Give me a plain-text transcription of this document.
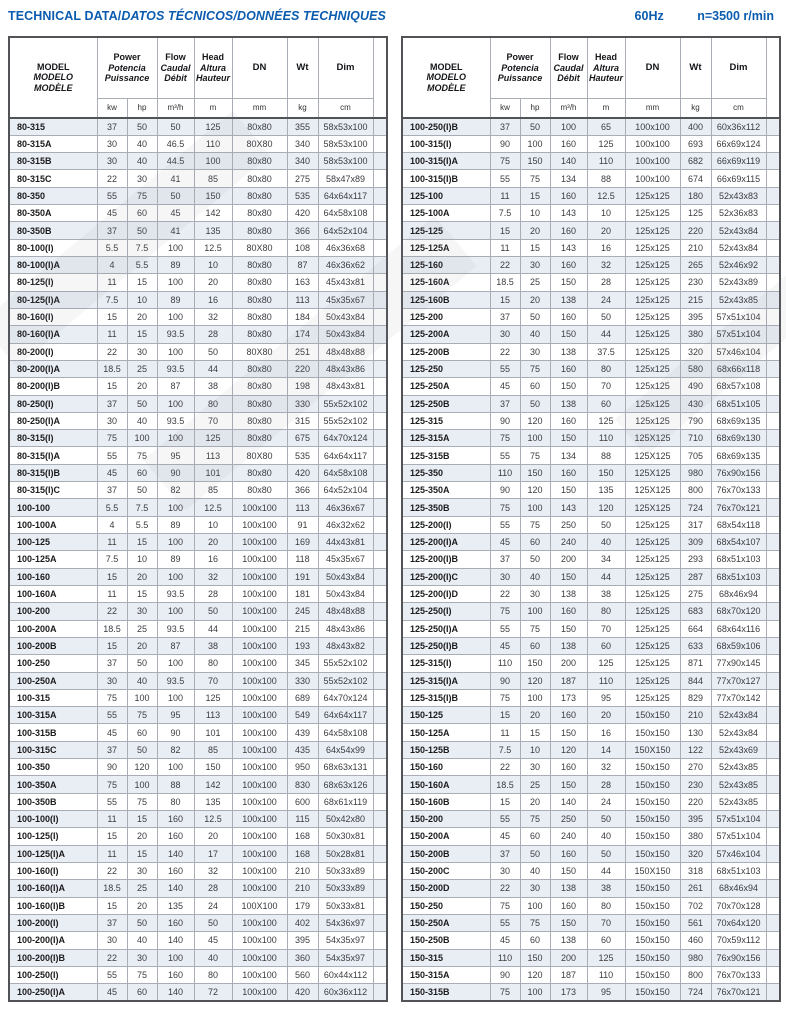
TECHNICAL DATA/DATOS TÉCNICOS/DONNÉES TECHNIQUES	60Hz	n=3500 r/min
MODEL
MODELO
MODÈLE

Power
Potencia
Puissance

Flow
Caudal
Débit

Head
Altura
Hauteur
	DN	Wt	Dim	
	kw	hp	m³/h	m	mm	kg	cm	
80-315	37	50	50	125	80x80	355	58x53x100	
80-315A	30	40	46.5	110	80X80	340	58x53x100	
80-315B	30	40	44.5	100	80x80	340	58x53x100	
80-315C	22	30	41	85	80x80	275	58x47x89	
80-350	55	75	50	150	80x80	535	64x64x117	
80-350A	45	60	45	142	80x80	420	64x58x108	
80-350B	37	50	41	135	80x80	366	64x52x104	
80-100(I)	5.5	7.5	100	12.5	80X80	108	46x36x68	
80-100(I)A	4	5.5	89	10	80x80	87	46x36x62	
80-125(I)	11	15	100	20	80x80	163	45x43x81	
80-125(I)A	7.5	10	89	16	80x80	113	45x35x67	
80-160(I)	15	20	100	32	80x80	184	50x43x84	
80-160(I)A	11	15	93.5	28	80x80	174	50x43x84	
80-200(I)	22	30	100	50	80X80	251	48x48x88	
80-200(I)A	18.5	25	93.5	44	80x80	220	48x43x86	
80-200(I)B	15	20	87	38	80x80	198	48x43x81	
80-250(I)	37	50	100	80	80x80	330	55x52x102	
80-250(I)A	30	40	93.5	70	80x80	315	55x52x102	
80-315(I)	75	100	100	125	80x80	675	64x70x124	
80-315(I)A	55	75	95	113	80X80	535	64x64x117	
80-315(I)B	45	60	90	101	80x80	420	64x58x108	
80-315(I)C	37	50	82	85	80x80	366	64x52x104	
100-100	5.5	7.5	100	12.5	100x100	113	46x36x67	
100-100A	4	5.5	89	10	100x100	91	46x32x62	
100-125	11	15	100	20	100x100	169	44x43x81	
100-125A	7.5	10	89	16	100x100	118	45x35x67	
100-160	15	20	100	32	100x100	191	50x43x84	
100-160A	11	15	93.5	28	100x100	181	50x43x84	
100-200	22	30	100	50	100x100	245	48x48x88	
100-200A	18.5	25	93.5	44	100x100	215	48x43x86	
100-200B	15	20	87	38	100x100	193	48x43x82	
100-250	37	50	100	80	100x100	345	55x52x102	
100-250A	30	40	93.5	70	100x100	330	55x52x102	
100-315	75	100	100	125	100x100	689	64x70x124	
100-315A	55	75	95	113	100x100	549	64x64x117	
100-315B	45	60	90	101	100x100	439	64x58x108	
100-315C	37	50	82	85	100x100	435	64x54x99	
100-350	90	120	100	150	100x100	950	68x63x131	
100-350A	75	100	88	142	100x100	830	68x63x126	
100-350B	55	75	80	135	100x100	600	68x61x119	
100-100(I)	11	15	160	12.5	100x100	115	50x42x80	
100-125(I)	15	20	160	20	100x100	168	50x30x81	
100-125(I)A	11	15	140	17	100x100	168	50x28x81	
100-160(I)	22	30	160	32	100x100	210	50x33x89	
100-160(I)A	18.5	25	140	28	100x100	210	50x33x89	
100-160(I)B	15	20	135	24	100X100	179	50x33x81	
100-200(I)	37	50	160	50	100x100	402	54x36x97	
100-200(I)A	30	40	140	45	100x100	395	54x35x97	
100-200(I)B	22	30	100	40	100x100	360	54x35x97	
100-250(I)	55	75	160	80	100x100	560	60x44x112	
100-250(I)A	45	60	140	72	100x100	420	60x36x112	
MODEL
MODELO
MODÈLE

Power
Potencia
Puissance

Flow
Caudal
Débit

Head
Altura
Hauteur
	DN	Wt	Dim	
	kw	hp	m³/h	m	mm	kg	cm	
100-250(I)B	37	50	100	65	100x100	400	60x36x112	
100-315(I)	90	100	160	125	100x100	693	66x69x124	
100-315(I)A	75	150	140	110	100x100	682	66x69x119	
100-315(I)B	55	75	134	88	100x100	674	66x69x115	
125-100	11	15	160	12.5	125x125	180	52x43x83	
125-100A	7.5	10	143	10	125x125	125	52x36x83	
125-125	15	20	160	20	125x125	220	52x43x84	
125-125A	11	15	143	16	125x125	210	52x43x84	
125-160	22	30	160	32	125x125	265	52x46x92	
125-160A	18.5	25	150	28	125x125	230	52x43x89	
125-160B	15	20	138	24	125x125	215	52x43x85	
125-200	37	50	160	50	125x125	395	57x51x104	
125-200A	30	40	150	44	125x125	380	57x51x104	
125-200B	22	30	138	37.5	125x125	320	57x46x104	
125-250	55	75	160	80	125x125	580	68x66x118	
125-250A	45	60	150	70	125x125	490	68x57x108	
125-250B	37	50	138	60	125x125	430	68x51x105	
125-315	90	120	160	125	125x125	790	68x69x135	
125-315A	75	100	150	110	125X125	710	68x69x130	
125-315B	55	75	134	88	125X125	705	68x69x135	
125-350	110	150	160	150	125X125	980	76x90x156	
125-350A	90	120	150	135	125X125	800	76x70x133	
125-350B	75	100	143	120	125X125	724	76x70x121	
125-200(I)	55	75	250	50	125x125	317	68x54x118	
125-200(I)A	45	60	240	40	125x125	309	68x54x107	
125-200(I)B	37	50	200	34	125x125	293	68x51x103	
125-200(I)C	30	40	150	44	125x125	287	68x51x103	
125-200(I)D	22	30	138	38	125x125	275	68x46x94	
125-250(I)	75	100	160	80	125x125	683	68x70x120	
125-250(I)A	55	75	150	70	125x125	664	68x64x116	
125-250(I)B	45	60	138	60	125x125	633	68x59x106	
125-315(I)	110	150	200	125	125x125	871	77x90x145	
125-315(I)A	90	120	187	110	125x125	844	77x70x127	
125-315(I)B	75	100	173	95	125x125	829	77x70x142	
150-125	15	20	160	20	150x150	210	52x43x84	
150-125A	11	15	150	16	150x150	130	52x43x84	
150-125B	7.5	10	120	14	150X150	122	52x43x69	
150-160	22	30	160	32	150x150	270	52x43x85	
150-160A	18.5	25	150	28	150x150	230	52x43x85	
150-160B	15	20	140	24	150x150	220	52x43x85	
150-200	55	75	250	50	150x150	395	57x51x104	
150-200A	45	60	240	40	150x150	380	57x51x104	
150-200B	37	50	160	50	150x150	320	57x46x104	
150-200C	30	40	150	44	150X150	318	68x51x103	
150-200D	22	30	138	38	150x150	261	68x46x94	
150-250	75	100	160	80	150x150	702	70x70x128	
150-250A	55	75	150	70	150x150	561	70x64x120	
150-250B	45	60	138	60	150x150	460	70x59x112	
150-315	110	150	200	125	150x150	980	76x90x156	
150-315A	90	120	187	110	150x150	800	76x70x133	
150-315B	75	100	173	95	150x150	724	76x70x121	
